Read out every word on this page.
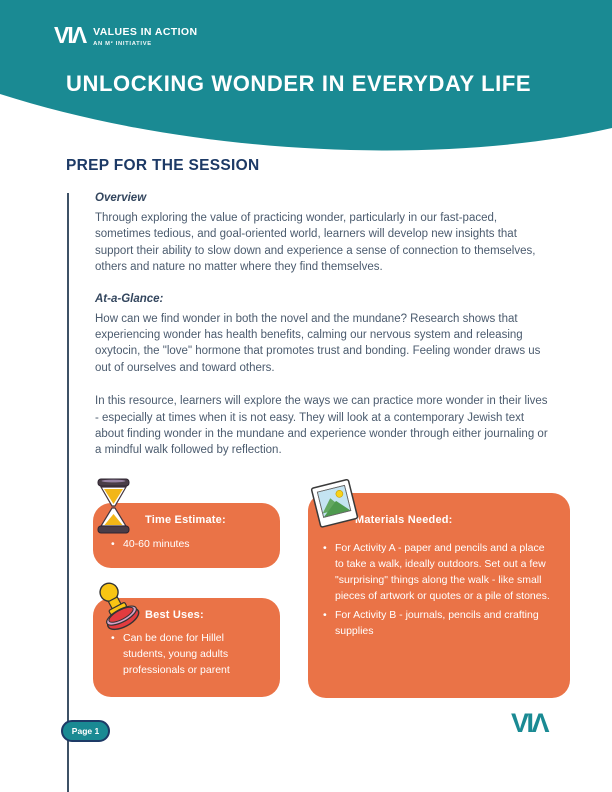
VIΛ VALUES IN ACTION
AN M² INITIATIVE
UNLOCKING WONDER IN EVERYDAY LIFE
PREP FOR THE SESSION
Overview

Through exploring the value of practicing wonder, particularly in our fast-paced, sometimes tedious, and goal-oriented world, learners will develop new insights that support their ability to slow down and experience a sense of connection to themselves, others and nature no matter where they find themselves.

At-a-Glance:

How can we find wonder in both the novel and the mundane? Research shows that experiencing wonder has health benefits, calming our nervous system and releasing oxytocin, the "love" hormone that promotes trust and bonding. Feeling wonder draws us out of ourselves and toward others.

In this resource, learners will explore the ways we can practice more wonder in their lives - especially at times when it is not easy. They will look at a contemporary Jewish text about finding wonder in the mundane and experience wonder through either journaling or a mindful walk followed by reflection.

Time Estimate:
• 40-60 minutes
Best Uses:
• Can be done for Hillel students, young adults professionals or parent
Materials Needed:
• For Activity A - paper and pencils and a place to take a walk, ideally outdoors. Set out a few "surprising" things along the walk - like small pieces of artwork or quotes or a pile of stones.
• For Activity B - journals, pencils and crafting supplies
Page 1	VIΛ
